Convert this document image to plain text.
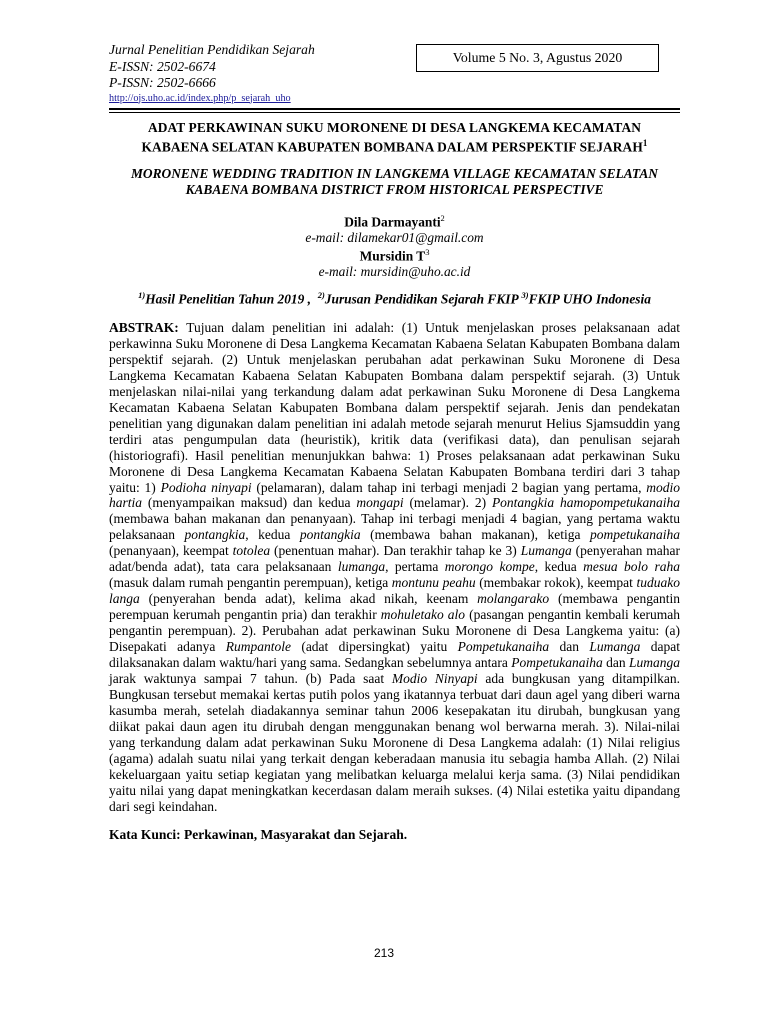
Jurnal Penelitian Pendidikan Sejarah
E-ISSN: 2502-6674
P-ISSN: 2502-6666
http://ojs.uho.ac.id/index.php/p_sejarah_uho
Volume 5 No. 3, Agustus 2020
ADAT PERKAWINAN SUKU MORONENE DI DESA LANGKEMA KECAMATAN
KABAENA SELATAN KABUPATEN BOMBANA DALAM PERSPEKTIF SEJARAH$^1$
MORONENE WEDDING TRADITION IN LANGKEMA VILLAGE KECAMATAN SELATAN
KABAENA BOMBANA DISTRICT FROM HISTORICAL PERSPECTIVE
Dila Darmayanti$^2$
e-mail: dilamekar01@gmail.com
Mursidin $T^3$
e-mail: mursidin@uho.ac.id
$^{1)}$Hasil Penelitian Tahun 2019 , $^{2)}$Jurusan Pendidikan Sejarah FKIP $^{3)}$FKIP UHO Indonesia
ABSTRAK: Tujuan dalam penelitian ini adalah: (1) Untuk menjelaskan proses pelaksanaan adat perkawinna Suku Moronene di Desa Langkema Kecamatan Kabaena Selatan Kabupaten Bombana dalam perspektif sejarah. (2) Untuk menjelaskan perubahan adat perkawinan Suku Moronene di Desa Langkema Kecamatan Kabaena Selatan Kabupaten Bombana dalam perspektif sejarah. (3) Untuk menjelaskan nilai-nilai yang terkandung dalam adat perkawinan Suku Moronene di Desa Langkema Kecamatan Kabaena Selatan Kabupaten Bombana dalam perspektif sejarah. Jenis dan pendekatan penelitian yang digunakan dalam penelitian ini adalah metode sejarah menurut Helius Sjamsuddin yang terdiri atas pengumpulan data (heuristik), kritik data (verifikasi data), dan penulisan sejarah (historiografi). Hasil penelitian menunjukkan bahwa: 1) Proses pelaksanaan adat perkawinan Suku Moronene di Desa Langkema Kecamatan Kabaena Selatan Kabupaten Bombana terdiri dari 3 tahap yaitu: 1) Podioha ninyapi (pelamaran), dalam tahap ini terbagi menjadi 2 bagian yang pertama, modio hartia (menyampaikan maksud) dan kedua mongapi (melamar). 2) Pontangkia hamopompetukanaiha (membawa bahan makanan dan penanyaan). Tahap ini terbagi menjadi 4 bagian, yang pertama waktu pelaksanaan pontangkia, kedua pontangkia (membawa bahan makanan), ketiga pompetukanaiha (penanyaan), keempat totolea (penentuan mahar). Dan terakhir tahap ke 3) Lumanga (penyerahan mahar adat/benda adat), tata cara pelaksanaan lumanga, pertama morongo kompe, kedua mesua bolo raha (masuk dalam rumah pengantin perempuan), ketiga montunu peahu (membakar rokok), keempat tuduako langa (penyerahan benda adat), kelima akad nikah, keenam molangarako (membawa pengantin perempuan kerumah pengantin pria) dan terakhir mohuletako alo (pasangan pengantin kembali kerumah pengantin perempuan). 2). Perubahan adat perkawinan Suku Moronene di Desa Langkema yaitu: (a) Disepakati adanya Rumpantole (adat dipersingkat) yaitu Pompetukanaiha dan Lumanga dapat dilaksanakan dalam waktu/hari yang sama. Sedangkan sebelumnya antara Pompetukanaiha dan Lumanga jarak waktunya sampai 7 tahun. (b) Pada saat Modio Ninyapi ada bungkusan yang ditampilkan. Bungkusan tersebut memakai kertas putih polos yang ikatannya terbuat dari daun agel yang diberi warna kasumba merah, setelah diadakannya seminar tahun 2006 kesepakatan itu dirubah, bungkusan yang diikat pakai daun agen itu dirubah dengan menggunakan benang wol berwarna merah. 3). Nilai-nilai yang terkandung dalam adat perkawinan Suku Moronene di Desa Langkema adalah: (1) Nilai religius (agama) adalah suatu nilai yang terkait dengan keberadaan manusia itu sebagia hamba Allah. (2) Nilai kekeluargaan yaitu setiap kegiatan yang melibatkan keluarga melalui kerja sama. (3) Nilai pendidikan yaitu nilai yang dapat meningkatkan kecerdasan dalam meraih sukses. (4) Nilai estetika yaitu dipandang dari segi keindahan.
Kata Kunci: Perkawinan, Masyarakat dan Sejarah.
213
